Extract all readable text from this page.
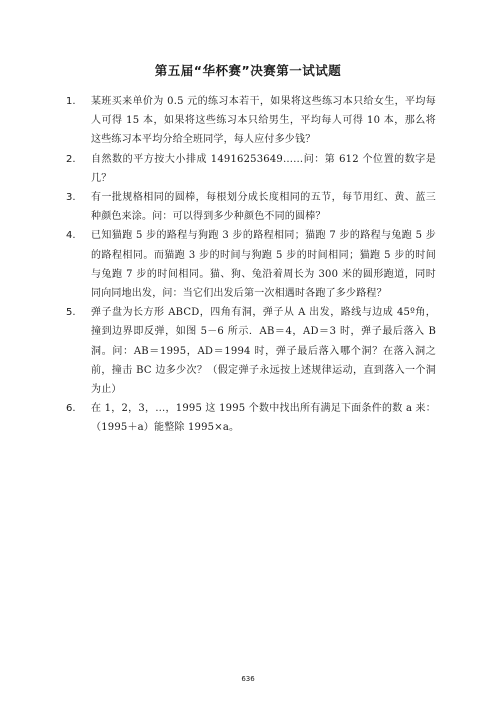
第五届“华杯赛”决赛第一试试题
1.	某班买来单价为 0.5 元的练习本若干，如果将这些练习本只给女生，平均每人可得 15 本，如果将这些练习本只给男生，平均每人可得 10 本，那么将这些练习本平均分给全班同学，每人应付多少钱？
2.	自然数的平方按大小排成 14916253649……问：第 612 个位置的数字是几？
3.	有一批规格相同的圆棒，每根划分成长度相同的五节，每节用红、黄、蓝三种颜色来涂。问：可以得到多少种颜色不同的圆棒？
4.	已知猫跑 5 步的路程与狗跑 3 步的路程相同；猫跑 7 步的路程与兔跑 5 步的路程相同。而猫跑 3 步的时间与狗跑 5 步的时间相同；猫跑 5 步的时间与兔跑 7 步的时间相同。猫、狗、兔沿着周长为 300 米的圆形跑道，同时同向同地出发，问：当它们出发后第一次相遇时各跑了多少路程？
5.	弹子盘为长方形 ABCD，四角有洞，弹子从 A 出发，路线与边成 45º角，撞到边界即反弹，如图 5－6 所示．AB＝4，AD＝3 时，弹子最后落入 B 洞。问：AB＝1995，AD＝1994 时，弹子最后落入哪个洞？在落入洞之前，撞击 BC 边多少次？（假定弹子永远按上述规律运动，直到落入一个洞为止）
6.	在 1，2，3，…，1995 这 1995 个数中找出所有满足下面条件的数 a 来：（1995＋a）能整除 1995×a。
636
